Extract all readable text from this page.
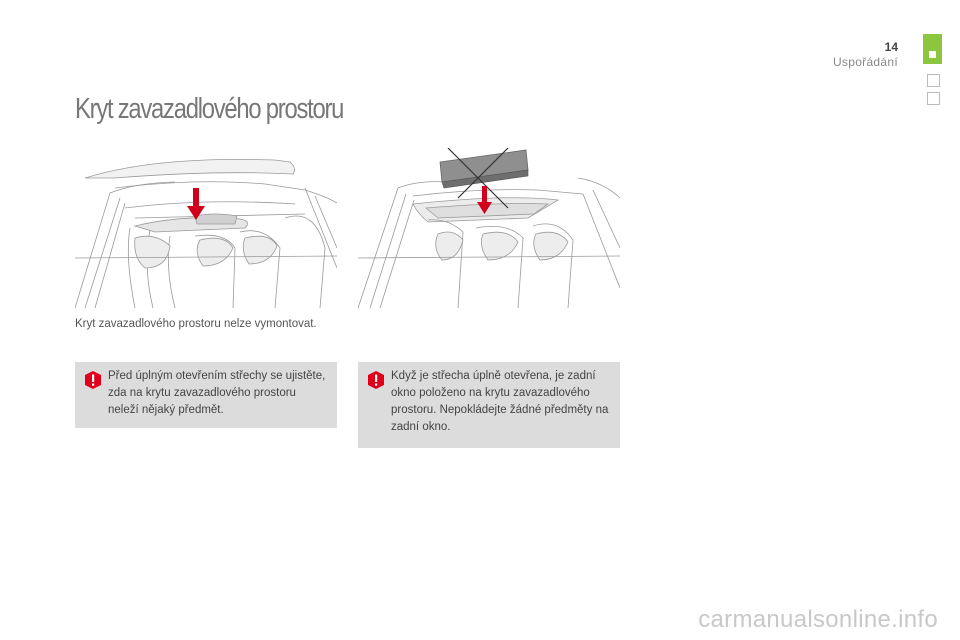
14
Uspořádání
Kryt zavazadlového prostoru

Kryt zavazadlového prostoru nelze vymontovat.

Před úplným otevřením střechy se ujistěte, zda na krytu zavazadlového prostoru neleží nějaký předmět.

Když je střecha úplně otevřena, je zadní okno položeno na krytu zavazadlového prostoru. Nepokládejte žádné předměty na zadní okno.

carmanualsonline.info
